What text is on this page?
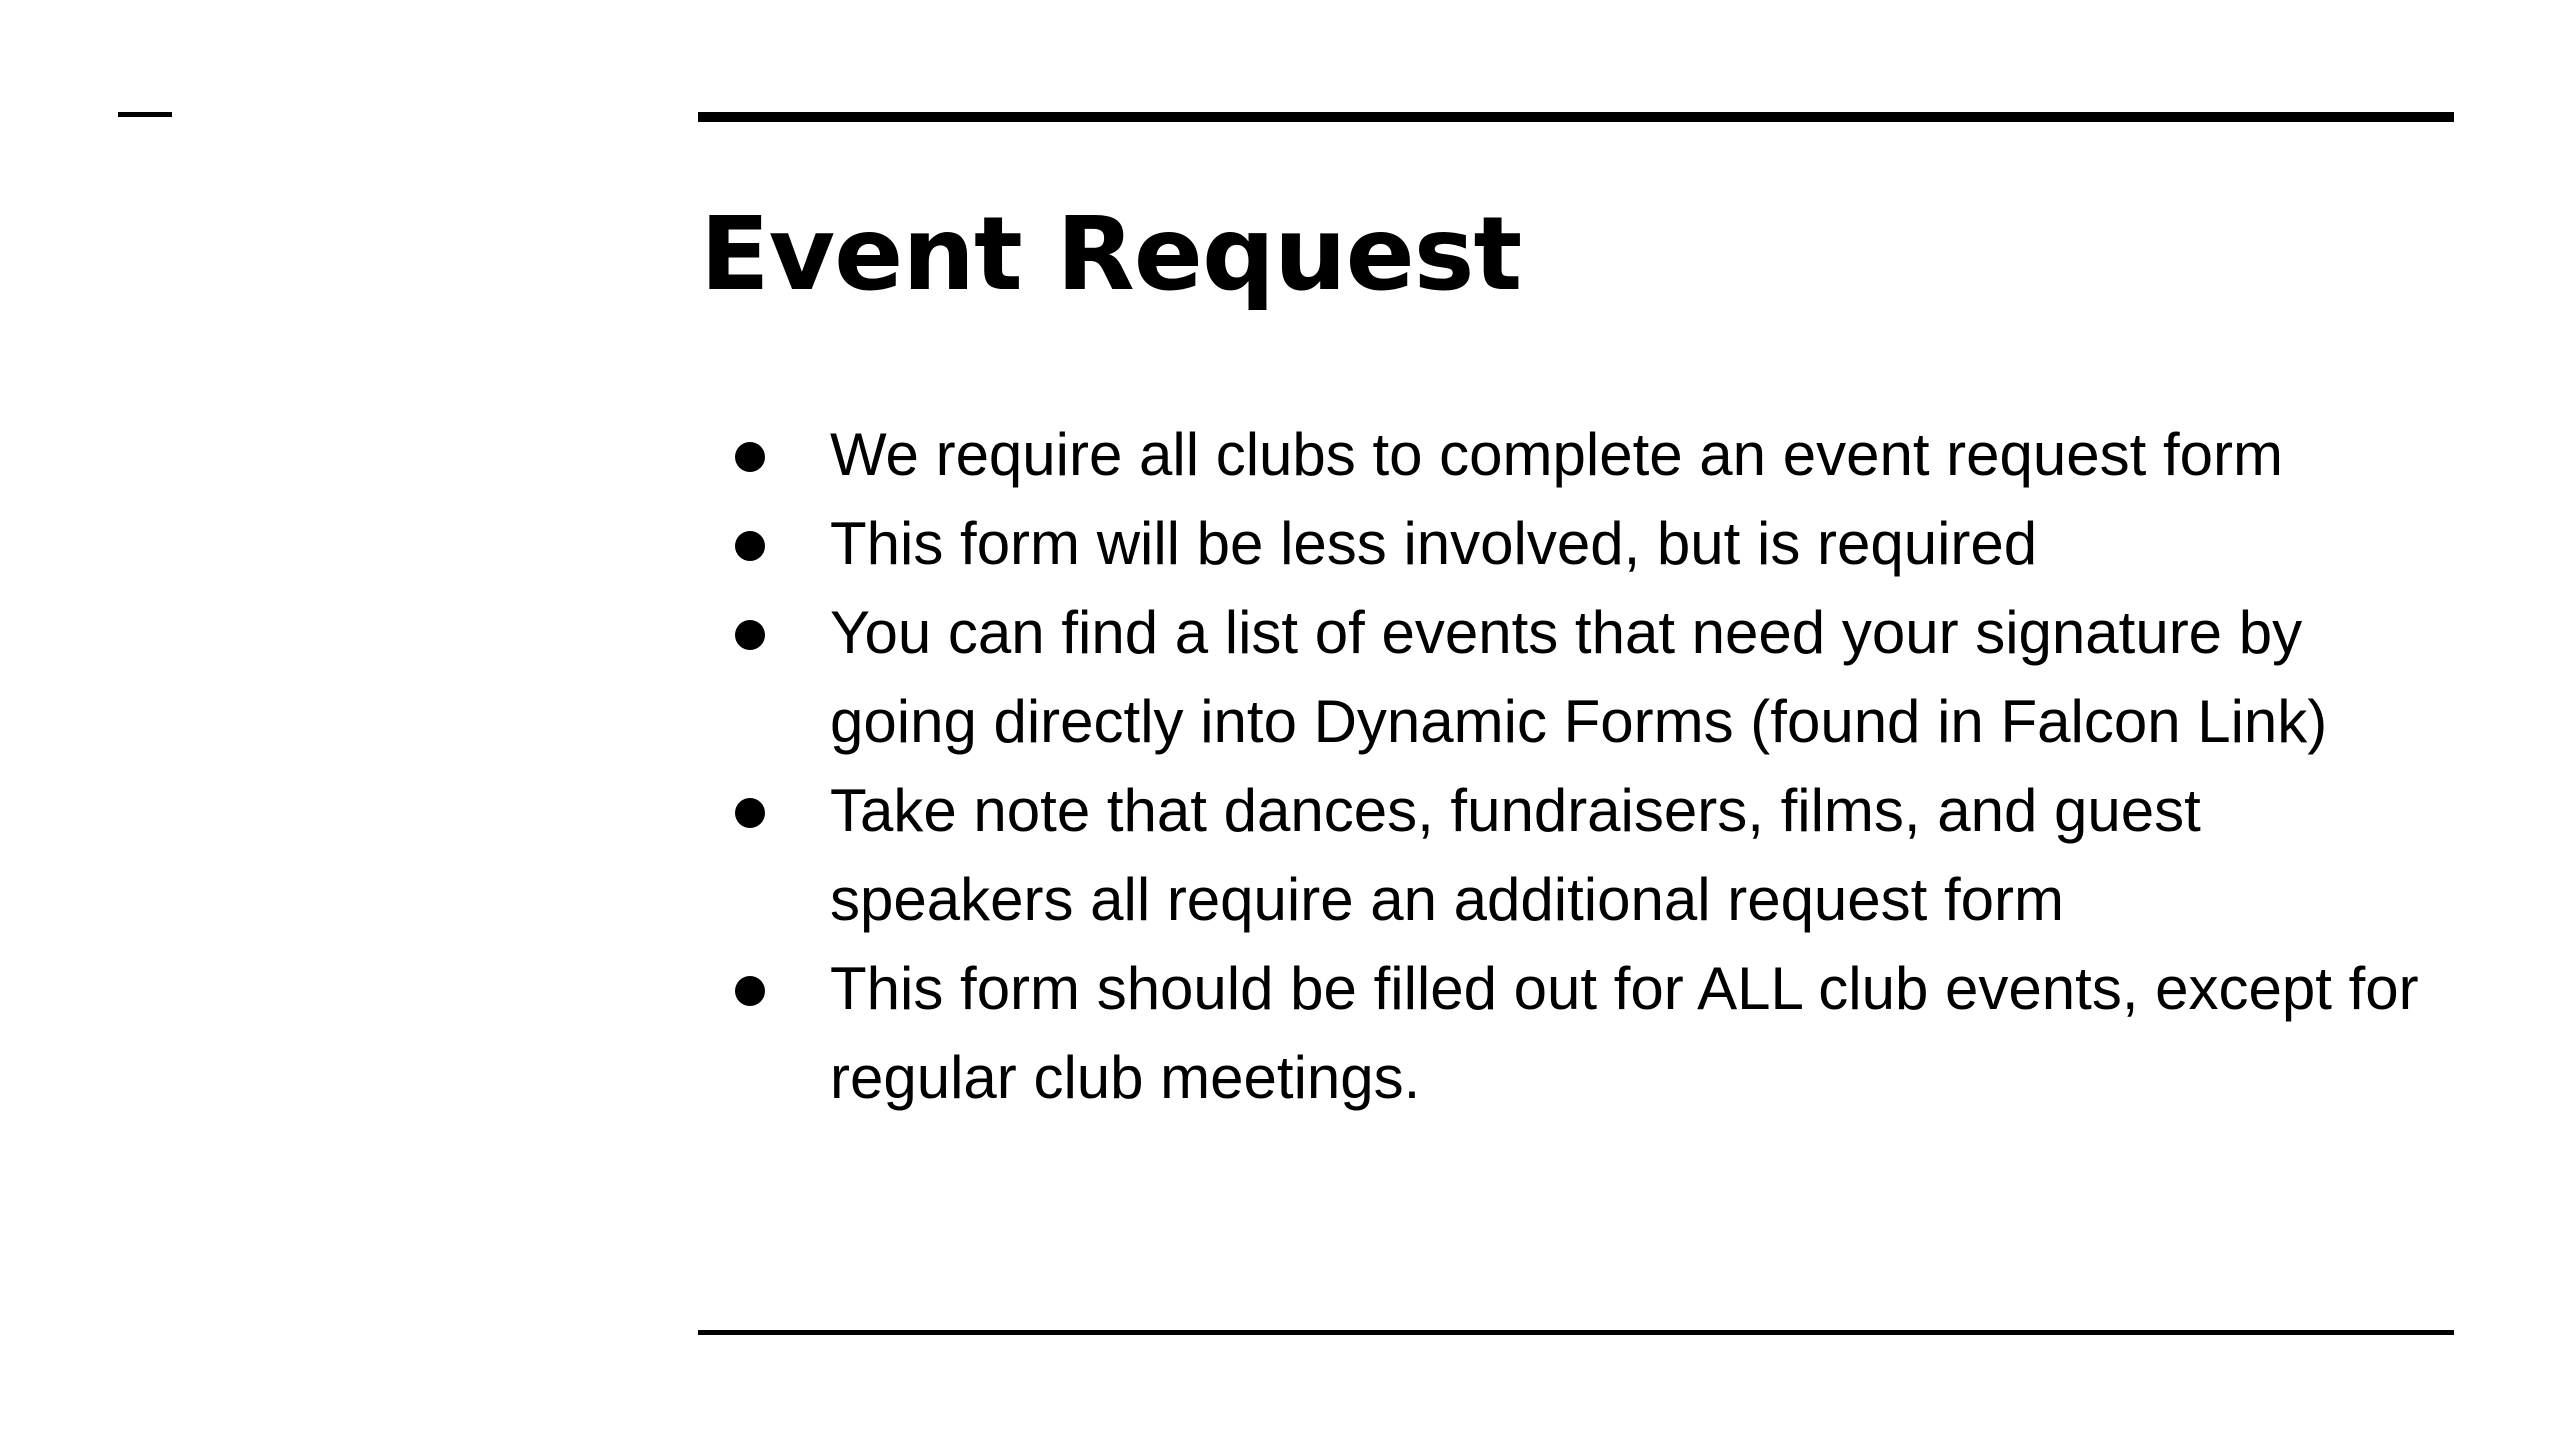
Event Request
We require all clubs to complete an event request form
This form will be less involved, but is required
You can find a list of events that need your signature by going directly into Dynamic Forms (found in Falcon Link)
Take note that dances, fundraisers, films, and guest speakers all require an additional request form
This form should be filled out for ALL club events, except for regular club meetings.
